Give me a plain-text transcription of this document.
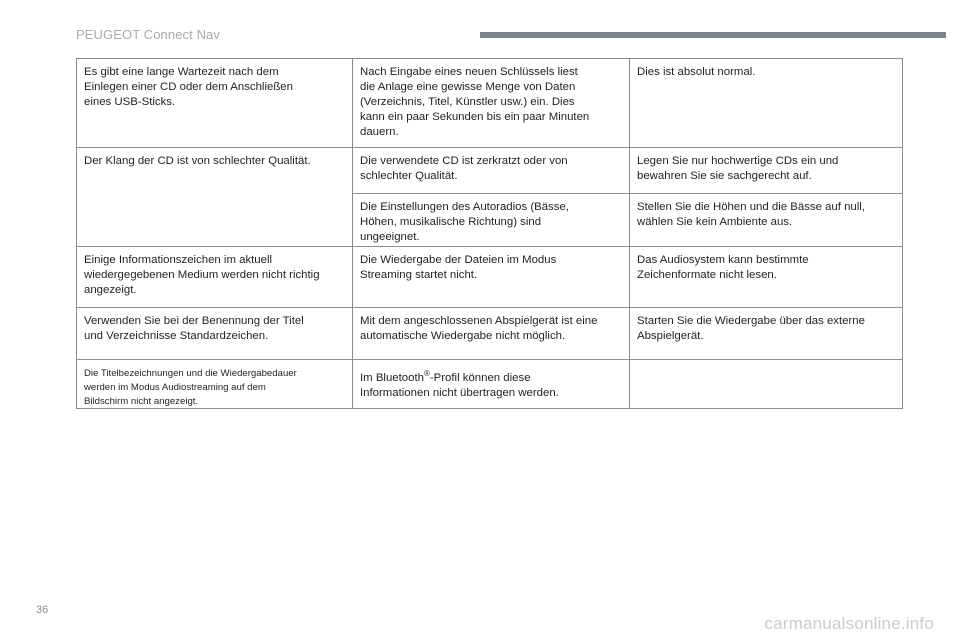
PEUGEOT Connect Nav
Es gibt eine lange Wartezeit nach dem
Einlegen einer CD oder dem Anschließen
eines USB-Sticks.
Nach Eingabe eines neuen Schlüssels liest
die Anlage eine gewisse Menge von Daten
(Verzeichnis, Titel, Künstler usw.) ein. Dies
kann ein paar Sekunden bis ein paar Minuten
dauern.
Dies ist absolut normal.
Der Klang der CD ist von schlechter Qualität.	Die verwendete CD ist zerkratzt oder von
schlechter Qualität.
Legen Sie nur hochwertige CDs ein und
bewahren Sie sie sachgerecht auf.
Die Einstellungen des Autoradios (Bässe,
Höhen, musikalische Richtung) sind
ungeeignet.
Stellen Sie die Höhen und die Bässe auf null,
wählen Sie kein Ambiente aus.
Einige Informationszeichen im aktuell
wiedergegebenen Medium werden nicht richtig
angezeigt.
Die Wiedergabe der Dateien im Modus
Streaming startet nicht.
Das Audiosystem kann bestimmte
Zeichenformate nicht lesen.
Verwenden Sie bei der Benennung der Titel
und Verzeichnisse Standardzeichen.
Mit dem angeschlossenen Abspielgerät ist eine
automatische Wiedergabe nicht möglich.
Starten Sie die Wiedergabe über das externe
Abspielgerät.
Die Titelbezeichnungen und die Wiedergabedauer
werden im Modus Audiostreaming auf dem
Bildschirm nicht angezeigt.
Im Bluetooth®-Profil können diese
Informationen nicht übertragen werden.
36
carmanualsonline.info
